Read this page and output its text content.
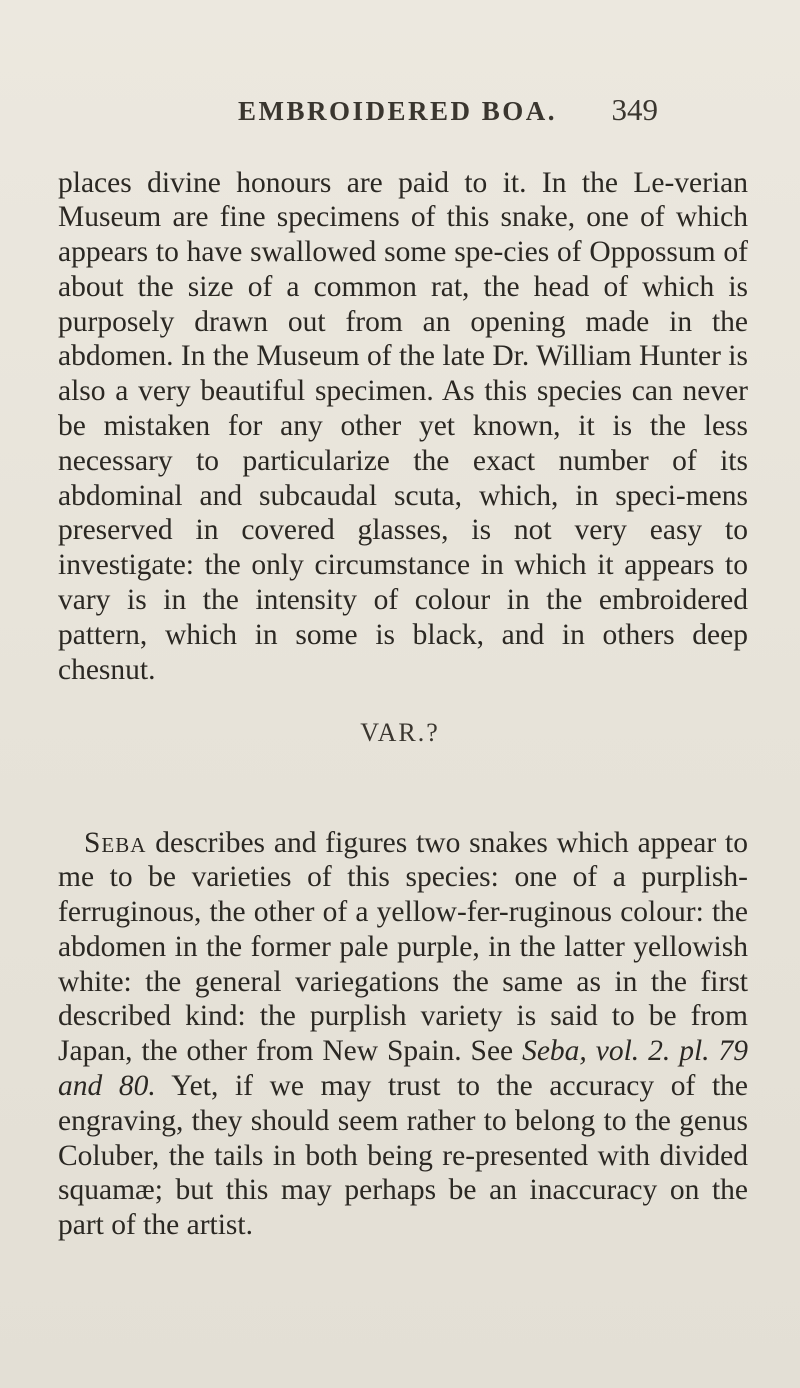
EMBROIDERED BOA. 349

places divine honours are paid to it. In the Le-verian Museum are fine specimens of this snake, one of which appears to have swallowed some spe-cies of Oppossum of about the size of a common rat, the head of which is purposely drawn out from an opening made in the abdomen. In the Museum of the late Dr. William Hunter is also a very beautiful specimen. As this species can never be mistaken for any other yet known, it is the less necessary to particularize the exact number of its abdominal and subcaudal scuta, which, in speci-mens preserved in covered glasses, is not very easy to investigate: the only circumstance in which it appears to vary is in the intensity of colour in the embroidered pattern, which in some is black, and in others deep chesnut.

VAR.?

Seba describes and figures two snakes which appear to me to be varieties of this species: one of a purplish-ferruginous, the other of a yellow-fer-ruginous colour: the abdomen in the former pale purple, in the latter yellowish white: the general variegations the same as in the first described kind: the purplish variety is said to be from Japan, the other from New Spain. See Seba, vol. 2. pl. 79 and 80. Yet, if we may trust to the accuracy of the engraving, they should seem rather to belong to the genus Coluber, the tails in both being re-presented with divided squamæ; but this may perhaps be an inaccuracy on the part of the artist.
